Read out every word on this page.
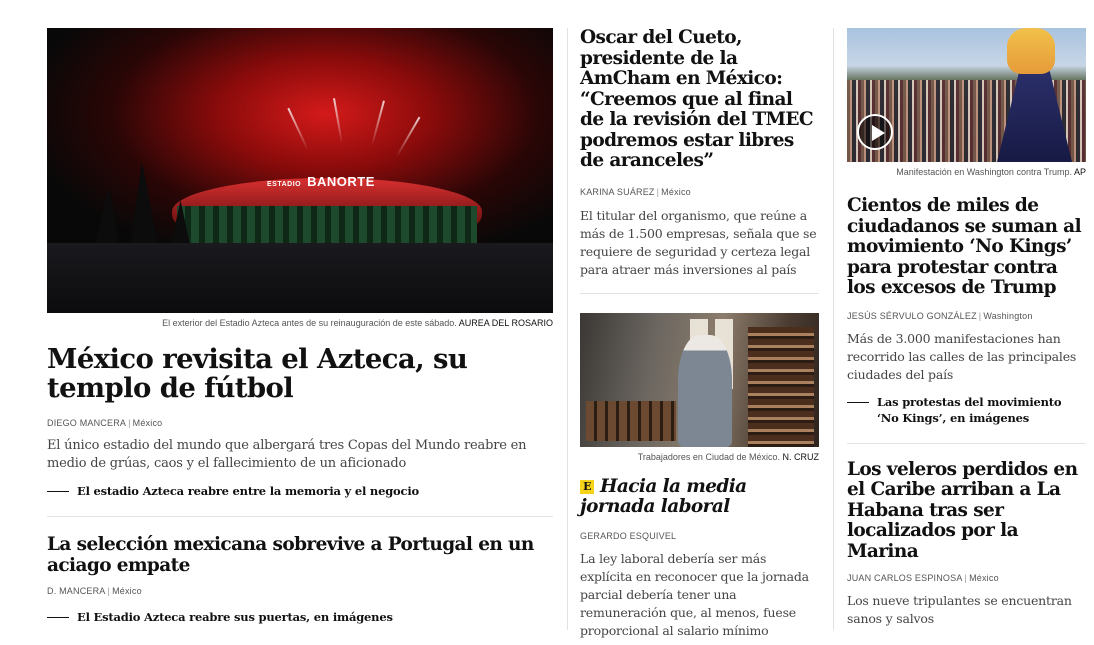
ESTADIO BANORTE
El exterior del Estadio Azteca antes de su reinauguración de este sábado. AUREA DEL ROSARIO
México revisita el Azteca, su templo de fútbol
DIEGO MANCERA | México
El único estadio del mundo que albergará tres Copas del Mundo reabre en medio de grúas, caos y el fallecimiento de un aficionado
El estadio Azteca reabre entre la memoria y el negocio
La selección mexicana sobrevive a Portugal en un aciago empate
D. MANCERA | México
El Estadio Azteca reabre sus puertas, en imágenes
Oscar del Cueto, presidente de la AmCham en México: “Creemos que al final de la revisión del TMEC podremos estar libres de aranceles”
KARINA SUÁREZ | México
El titular del organismo, que reúne a más de 1.500 empresas, señala que se requiere de seguridad y certeza legal para atraer más inversiones al país
Trabajadores en Ciudad de México. N. CRUZ
E Hacia la media jornada laboral
GERARDO ESQUIVEL
La ley laboral debería ser más explícita en reconocer que la jornada parcial debería tener una remuneración que, al menos, fuese proporcional al salario mínimo
Manifestación en Washington contra Trump. AP
Cientos de miles de ciudadanos se suman al movimiento ‘No Kings’ para protestar contra los excesos de Trump
JESÚS SÉRVULO GONZÁLEZ | Washington
Más de 3.000 manifestaciones han recorrido las calles de las principales ciudades del país
Las protestas del movimiento ‘No Kings’, en imágenes
Los veleros perdidos en el Caribe arriban a La Habana tras ser localizados por la Marina
JUAN CARLOS ESPINOSA | México
Los nueve tripulantes se encuentran sanos y salvos
